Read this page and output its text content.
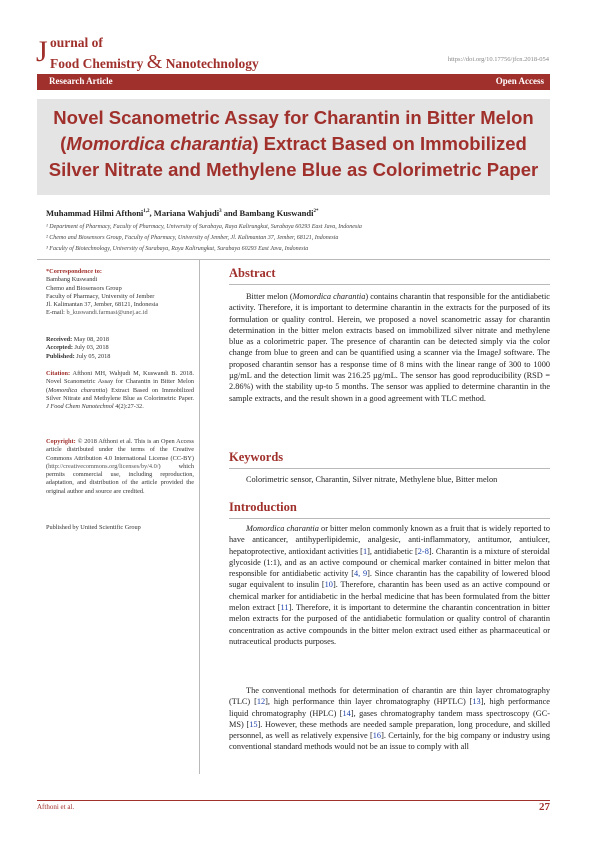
J ournal of
Food Chemistry & Nanotechnology	https://doi.org/10.17756/jfcn.2018-054
Research Article	Open Access
Novel Scanometric Assay for Charantin in Bitter Melon (Momordica charantia) Extract Based on Immobilized Silver Nitrate and Methylene Blue as Colorimetric Paper
Muhammad Hilmi Afthoni$^{1,2}$, Mariana Wahjudi$^3$ and Bambang Kuswandi$^{2*}$
¹ Department of Pharmacy, Faculty of Pharmacy, University of Surabaya, Raya Kalirungkut, Surabaya 60293 East Java, Indonesia
² Chemo and Biosensors Group, Faculty of Pharmacy, University of Jember, Jl. Kalimantan 37, Jember, 68121, Indonesia
³ Faculty of Biotechnology, University of Surabaya, Raya Kalirungkut, Surabaya 60293 East Java, Indonesia
*Correspondence to:
Bambang Kuswandi
Chemo and Biosensors Group
Faculty of Pharmacy, University of Jember
Jl. Kalimantan 37, Jember, 68121, Indonesia
E-mail: b_kuswandi.farmasi@unej.ac.id
Received: May 08, 2018
Accepted: July 03, 2018
Published: July 05, 2018
Citation: Afthoni MH, Wahjudi M, Kuswandi B. 2018. Novel Scanometric Assay for Charantin in Bitter Melon (Momordica charantia) Extract Based on Immobilized Silver Nitrate and Methylene Blue as Colorimetric Paper. J Food Chem Nanotechnol 4(2):27-32.
Copyright: © 2018 Afthoni et al. This is an Open Access article distributed under the terms of the Creative Commons Attribution 4.0 International License (CC-BY) (http://creativecommons.org/licenses/by/4.0/) which permits commercial use, including reproduction, adaptation, and distribution of the article provided the original author and source are credited.
Published by United Scientific Group
Abstract
Bitter melon (Momordica charantia) contains charantin that responsible for the antidiabetic activity. Therefore, it is important to determine charantin in the extracts for the purposed of its formulation or quality control. Herein, we proposed a novel scanometric assay for charantin determination in the bitter melon extracts based on immobilized silver nitrate and methylene blue as a colorimetric paper. The presence of charantin can be detected simply via the color change from blue to green and can be quantified using a scanner via the ImageJ software. The proposed charantin sensor has a response time of 8 mins with the linear range of 300 to 1000 µg/mL and the detection limit was 216.25 µg/mL. The sensor has good reproducibility (RSD = 2.86%) with the stability up-to 5 months. The sensor was applied to determine charantin in the sample extracts, and the result shown in a good agreement with TLC method.
Keywords
Colorimetric sensor, Charantin, Silver nitrate, Methylene blue, Bitter melon
Introduction
Momordica charantia or bitter melon commonly known as a fruit that is widely reported to have anticancer, antihyperlipidemic, analgesic, anti-inflammatory, antitumor, antiulcer, hepatoprotective, antioxidant activities [1], antidiabetic [2-8]. Charantin is a mixture of steroidal glycoside (1:1), and as an active compound or chemical marker contained in bitter melon that responsible for antidiabetic activity [4, 9]. Since charantin has the capability of lowered blood sugar equivalent to insulin [10]. Therefore, charantin has been used as an active compound or chemical marker for antidiabetic in the herbal medicine that has been formulated from the bitter melon extract [11]. Therefore, it is important to determine the charantin concentration in bitter melon extracts for the purposed of the antidiabetic formulation or quality control of charantin concentration as active compounds in the bitter melon extract used either as pharmaceutical or nutraceutical products purposes.
The conventional methods for determination of charantin are thin layer chromatography (TLC) [12], high performance thin layer chromatography (HPTLC) [13], high performance liquid chromatography (HPLC) [14], gases chromatography tandem mass spectroscopy (GC-MS) [15]. However, these methods are needed sample preparation, long procedure, and skilled personnel, as well as relatively expensive [16]. Certainly, for the big company or industry using conventional standard methods would not be an issue to comply with all
Afthoni et al.	27
